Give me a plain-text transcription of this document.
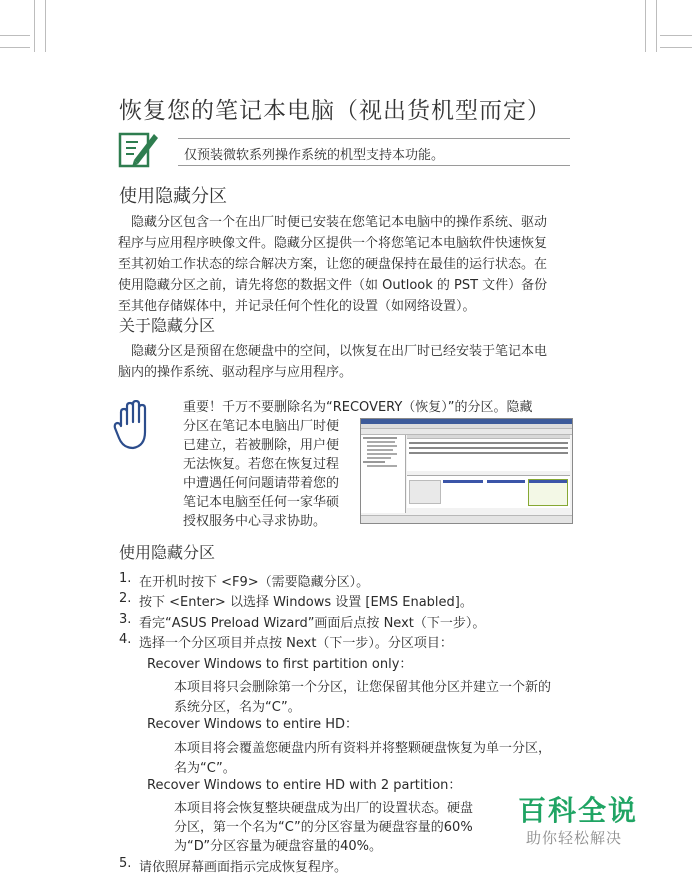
恢复您的笔记本电脑（视出货机型而定）
仅预装微软系列操作系统的机型支持本功能。
使用隐藏分区
隐藏分区包含一个在出厂时便已安装在您笔记本电脑中的操作系统、驱动
程序与应用程序映像文件。隐藏分区提供一个将您笔记本电脑软件快速恢复
至其初始工作状态的综合解决方案，让您的硬盘保持在最佳的运行状态。在
使用隐藏分区之前，请先将您的数据文件（如 Outlook 的 PST 文件）备份
至其他存储媒体中，并记录任何个性化的设置（如网络设置）。
关于隐藏分区
隐藏分区是预留在您硬盘中的空间，以恢复在出厂时已经安装于笔记本电
脑内的操作系统、驱动程序与应用程序。
重要！千万不要删除名为“RECOVERY（恢复）”的分区。隐藏
分区在笔记本电脑出厂时便
已建立，若被删除，用户便
无法恢复。若您在恢复过程
中遭遇任何问题请带着您的
笔记本电脑至任何一家华硕
授权服务中心寻求协助。
使用隐藏分区
1. 在开机时按下 <F9>（需要隐藏分区）。
2. 按下 <Enter> 以选择 Windows 设置 [EMS Enabled]。
3. 看完“ASUS Preload Wizard”画面后点按 Next（下一步）。
4. 选择一个分区项目并点按 Next（下一步）。分区项目：
Recover Windows to first partition only：
本项目将只会删除第一个分区，让您保留其他分区并建立一个新的
系统分区，名为“C”。
Recover Windows to entire HD：
本项目将会覆盖您硬盘内所有资料并将整颗硬盘恢复为单一分区，
名为“C”。
Recover Windows to entire HD with 2 partition：
本项目将会恢复整块硬盘成为出厂的设置状态。硬盘
分区，第一个名为“C”的分区容量为硬盘容量的60%
为“D”分区容量为硬盘容量的40%。
5. 请依照屏幕画面指示完成恢复程序。
百科全说
助你轻松解决
